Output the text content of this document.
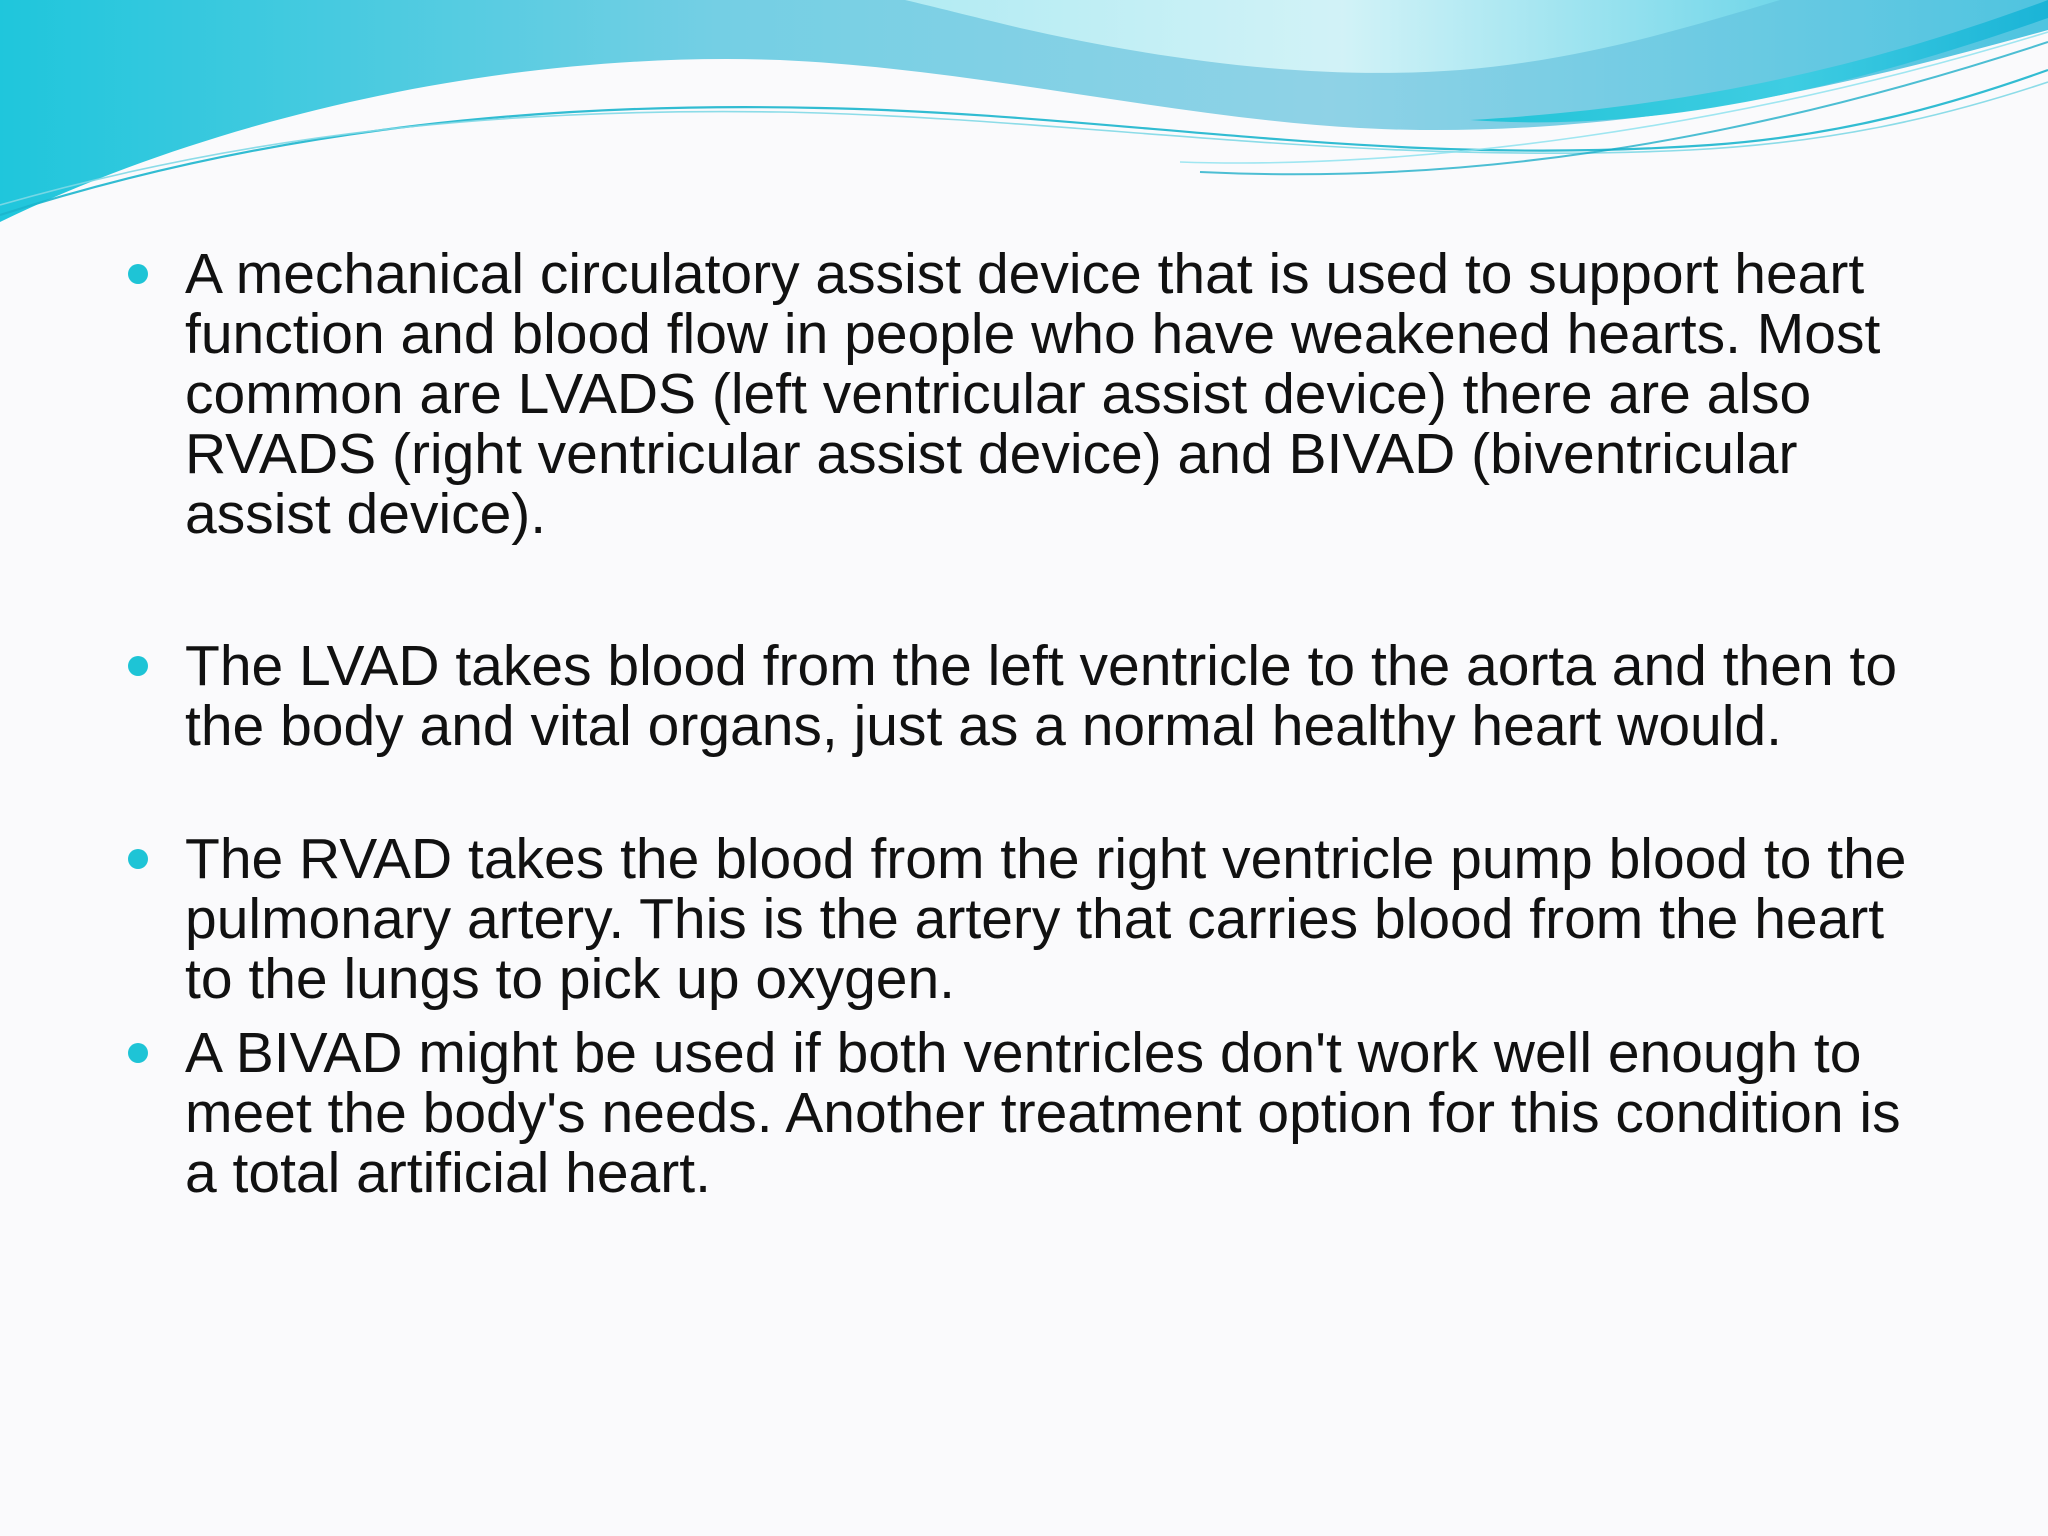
A mechanical circulatory assist device that is used to support heart function and blood flow in people who have weakened hearts. Most common are LVADS (left ventricular assist device) there are also RVADS (right ventricular assist device) and BIVAD (biventricular assist device).
The LVAD takes blood from the left ventricle to the aorta and then to the body and vital organs, just as a normal healthy heart would.
The RVAD takes the blood from the right ventricle pump blood to the pulmonary artery. This is the artery that carries blood from the heart to the lungs to pick up oxygen.
A BIVAD might be used if both ventricles don't work well enough to meet the body's needs. Another treatment option for this condition is a total artificial heart.
